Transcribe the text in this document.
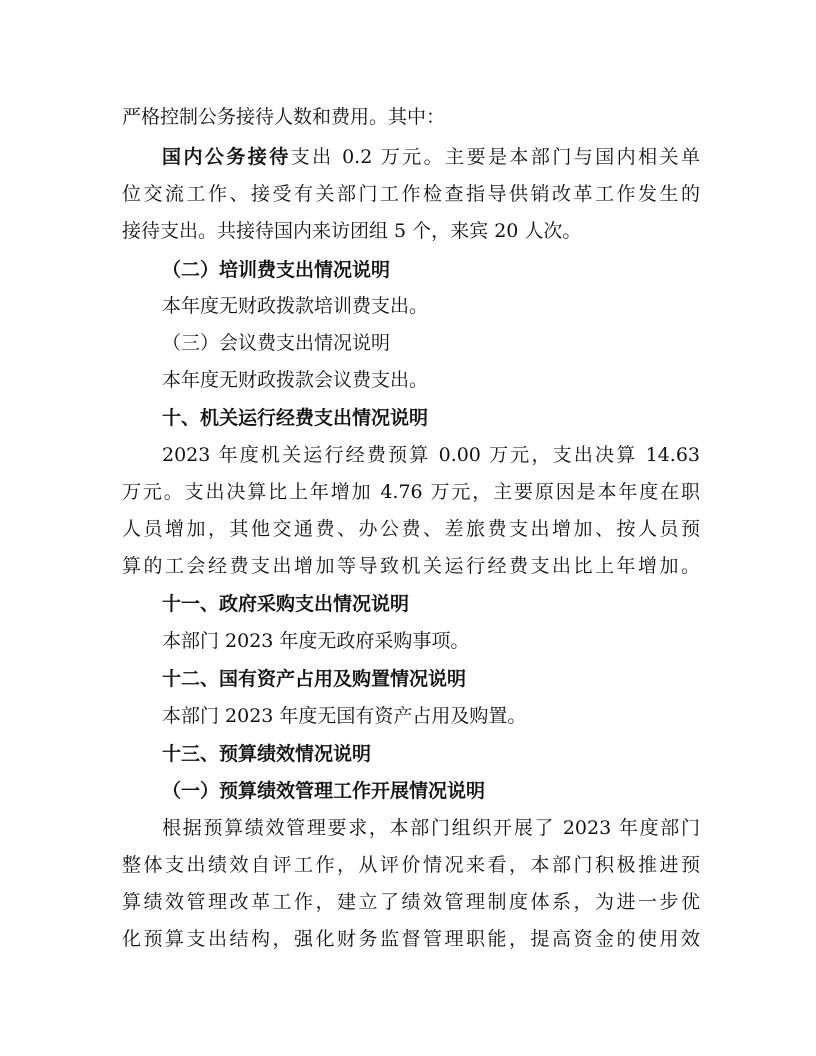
严格控制公务接待人数和费用。其中：
国内公务接待支出 0.2 万元。主要是本部门与国内相关单
位交流工作、接受有关部门工作检查指导供销改革工作发生的
接待支出。共接待国内来访团组 5 个，来宾 20 人次。
（二）培训费支出情况说明
本年度无财政拨款培训费支出。
（三）会议费支出情况说明
本年度无财政拨款会议费支出。
十、机关运行经费支出情况说明
2023 年度机关运行经费预算 0.00 万元，支出决算 14.63
万元。支出决算比上年增加 4.76 万元，主要原因是本年度在职
人员增加，其他交通费、办公费、差旅费支出增加、按人员预
算的工会经费支出增加等导致机关运行经费支出比上年增加。
十一、政府采购支出情况说明
本部门 2023 年度无政府采购事项。
十二、国有资产占用及购置情况说明
本部门 2023 年度无国有资产占用及购置。
十三、预算绩效情况说明
（一）预算绩效管理工作开展情况说明
根据预算绩效管理要求，本部门组织开展了 2023 年度部门
整体支出绩效自评工作，从评价情况来看，本部门积极推进预
算绩效管理改革工作，建立了绩效管理制度体系，为进一步优
化预算支出结构，强化财务监督管理职能，提高资金的使用效
